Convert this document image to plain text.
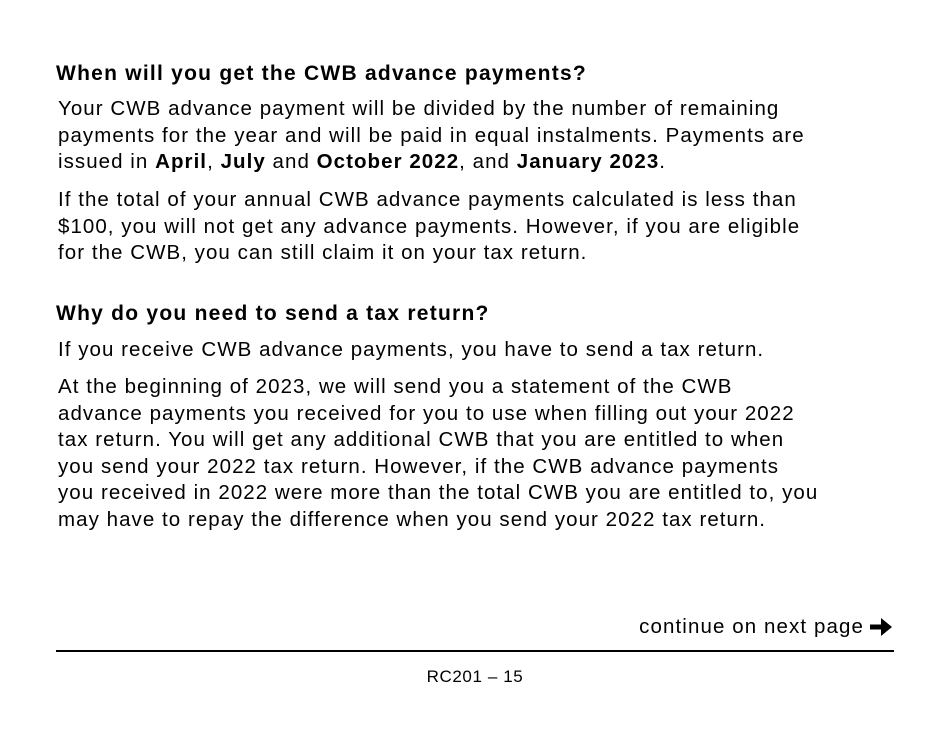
When will you get the CWB advance payments?

Your CWB advance payment will be divided by the number of remaining
payments for the year and will be paid in equal instalments. Payments are
issued in April, July and October 2022, and January 2023.

If the total of your annual CWB advance payments calculated is less than
$100, you will not get any advance payments. However, if you are eligible
for the CWB, you can still claim it on your tax return.

Why do you need to send a tax return?

If you receive CWB advance payments, you have to send a tax return.

At the beginning of 2023, we will send you a statement of the CWB
advance payments you received for you to use when filling out your 2022
tax return. You will get any additional CWB that you are entitled to when
you send your 2022 tax return. However, if the CWB advance payments
you received in 2022 were more than the total CWB you are entitled to, you
may have to repay the difference when you send your 2022 tax return.

continue on next page
RC201 – 15
